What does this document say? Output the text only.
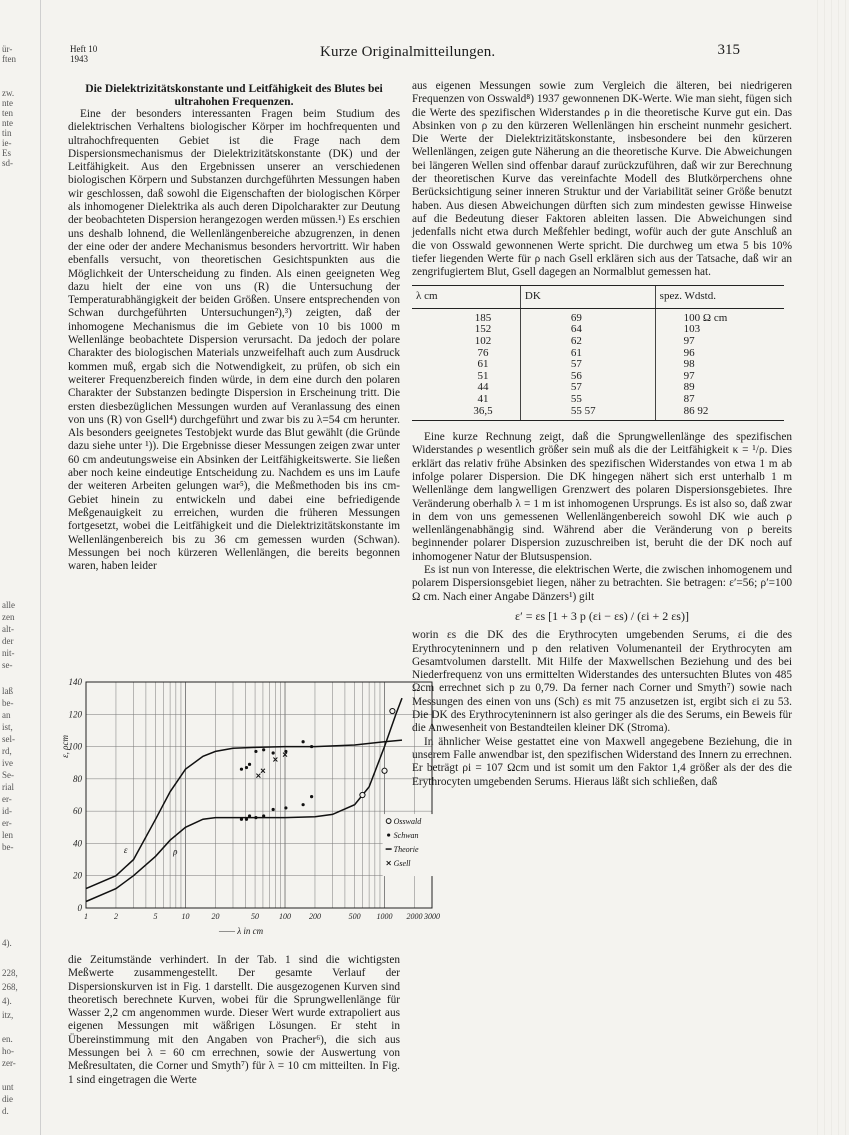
ür-
ften
zw.
nte
ten
nte
tin
ie-
Es
sd-
alle
zen
alt-
der
nit-
se-
laß
be-
an
ist,
sel-
rd,
ive
Se-
rial
er-
id-
er-
len
be-
4).
228,
268,
4).
itz,
en.
ho-
zer-
unt
die
d.
Heft 10
1943	Kurze Originalmitteilungen.	315

Die Dielektrizitätskonstante und Leitfähigkeit des Blutes bei ultrahohen Frequenzen.

Eine der besonders interessanten Fragen beim Studium des dielektrischen Verhaltens biologischer Körper im hochfrequenten und ultrahochfrequenten Gebiet ist die Frage nach dem Dispersionsmechanismus der Dielektrizitätskonstante (DK) und der Leitfähigkeit. Aus den Ergebnissen unserer an verschiedenen biologischen Körpern und Substanzen durchgeführten Messungen haben wir geschlossen, daß sowohl die Eigenschaften der biologischen Körper als inhomogener Dielektrika als auch deren Dipolcharakter zur Deutung der beobachteten Dispersion herangezogen werden müssen.¹) Es erschien uns deshalb lohnend, die Wellenlängenbereiche abzugrenzen, in denen der eine oder der andere Mechanismus besonders hervortritt. Wir haben ebenfalls versucht, von theoretischen Gesichtspunkten aus die Möglichkeit der Unterscheidung zu finden. Als einen geeigneten Weg dazu hielt der eine von uns (R) die Untersuchung der Temperaturabhängigkeit der beiden Größen. Unsere entsprechenden von Schwan durchgeführten Untersuchungen²),³) zeigten, daß der inhomogene Mechanismus die im Gebiete von 10 bis 1000 m Wellenlänge beobachtete Dispersion verursacht. Da jedoch der polare Charakter des biologischen Materials unzweifelhaft auch zum Ausdruck kommen muß, ergab sich die Notwendigkeit, zu prüfen, ob sich ein weiterer Frequenzbereich finden würde, in dem eine durch den polaren Charakter der Substanzen bedingte Dispersion in Erscheinung tritt. Die ersten diesbezüglichen Messungen wurden auf Veranlassung des einen von uns (R) von Gsell⁴) durchgeführt und zwar bis zu λ=54 cm herunter. Als besonders geeignetes Testobjekt wurde das Blut gewählt (die Gründe dazu siehe unter ¹)). Die Ergebnisse dieser Messungen zeigen zwar unter 60 cm andeutungsweise ein Absinken der Leitfähigkeitswerte. Sie ließen aber noch keine eindeutige Entscheidung zu. Nachdem es uns im Laufe der weiteren Arbeiten gelungen war⁵), die Meßmethoden bis ins cm-Gebiet hinein zu entwickeln und dabei eine befriedigende Meßgenauigkeit zu erreichen, wurden die früheren Messungen fortgesetzt, wobei die Leitfähigkeit und die Dielektrizitätskonstante im Wellenlängenbereich bis zu 36 cm gemessen wurden (Schwan). Messungen bei noch kürzeren Wellenlängen, die bereits begonnen waren, haben leider

0
20
40
60
80
100
120
140
1	2	5	10	20	50 100 200	500 1000 2000 3000
—— λ in cm
ε, ρcm
ε	ρ
Osswald
Schwan
Theorie
Gsell

die Zeitumstände verhindert. In der Tab. 1 sind die wichtigsten Meßwerte zusammengestellt. Der gesamte Verlauf der Dispersionskurven ist in Fig. 1 darstellt. Die ausgezogenen Kurven sind theoretisch berechnete Kurven, wobei für die Sprungwellenlänge für Wasser 2,2 cm angenommen wurde. Dieser Wert wurde extrapoliert aus eigenen Messungen mit wäßrigen Lösungen. Er steht in Übereinstimmung mit den Angaben von Pracher⁶), die sich aus Messungen bei λ = 60 cm errechnen, sowie der Auswertung von Meßresultaten, die Corner und Smyth⁷) für λ = 10 cm mitteilten. In Fig. 1 sind eingetragen die Werte

aus eigenen Messungen sowie zum Vergleich die älteren, bei niedrigeren Frequenzen von Osswald⁸) 1937 gewonnenen DK-Werte. Wie man sieht, fügen sich die Werte des spezifischen Widerstandes ρ in die theoretische Kurve gut ein. Das Absinken von ρ zu den kürzeren Wellenlängen hin erscheint nunmehr gesichert. Die Werte der Dielektrizitätskonstante, insbesondere bei den kürzeren Wellenlängen, zeigen gute Näherung an die theoretische Kurve. Die Abweichungen bei längeren Wellen sind offenbar darauf zurückzuführen, daß wir zur Berechnung der theoretischen Kurve das vereinfachte Modell des Blutkörperchens ohne Berücksichtigung seiner inneren Struktur und der Variabilität seiner Größe benutzt haben. Aus diesen Abweichungen dürften sich zum mindesten gewisse Hinweise auf die Bedeutung dieser Faktoren ableiten lassen. Die Abweichungen sind jedenfalls nicht etwa durch Meßfehler bedingt, wofür auch der gute Anschluß an die von Osswald gewonnenen Werte spricht. Die durchweg um etwa 5 bis 10% tiefer liegenden Werte für ρ nach Gsell erklären sich aus der Tatsache, daß wir an zengrifugiertem Blut, Gsell dagegen an Normalblut gemessen hat.

λ cm	DK	spez. Wdstd.
185	69	100 Ω cm
152	64	103
102	62	97
76	61	96
61	57	98
51	56	97
44	57	89
41	55	87
36,5	55 57	86 92

Eine kurze Rechnung zeigt, daß die Sprungwellenlänge des spezifischen Widerstandes ρ wesentlich größer sein muß als die der Leitfähigkeit κ = ¹/ρ. Dies erklärt das relativ frühe Absinken des spezifischen Widerstandes von etwa 1 m ab infolge polarer Dispersion. Die DK hingegen nähert sich erst unterhalb 1 m Wellenlänge dem langwelligen Grenzwert des polaren Dispersionsgebietes. Ihre Veränderung oberhalb λ = 1 m ist inhomogenen Ursprungs. Es ist also so, daß zwar in dem von uns gemessenen Wellenlängenbereich sowohl DK wie auch ρ wellenlängenabhängig sind. Während aber die Veränderung von ρ bereits beginnender polarer Dispersion zuzuschreiben ist, beruht die der DK noch auf inhomogener Natur der Blutsuspension.

Es ist nun von Interesse, die elektrischen Werte, die zwischen inhomogenem und polarem Dispersionsgebiet liegen, näher zu betrachten. Sie betragen: ε′=56; ρ′=100 Ω cm. Nach einer Angabe Dänzers¹) gilt

ε′ = εs [1 + 3 p (εi − εs) / (εi + 2 εs)]

worin εs die DK des die Erythrocyten umgebenden Serums, εi die des Erythrocyteninnern und p den relativen Volumenanteil der Erythrocyten am Gesamtvolumen darstellt. Mit Hilfe der Maxwellschen Beziehung und des bei Niederfrequenz von uns ermittelten Widerstandes des untersuchten Blutes von 485 Ωcm errechnet sich p zu 0,79. Da ferner nach Corner und Smyth⁷) sowie nach Messungen des einen von uns (Sch) εs mit 75 anzusetzen ist, ergibt sich εi zu 53. Die DK des Erythrocyteninnern ist also geringer als die des Serums, ein Beweis für die Anwesenheit von Bestandteilen kleiner DK (Stroma).

In ähnlicher Weise gestattet eine von Maxwell angegebene Beziehung, die in unserem Falle anwendbar ist, den spezifischen Widerstand des Innern zu errechnen. Er beträgt ρi = 107 Ωcm und ist somit um den Faktor 1,4 größer als der des die Erythrocyten umgebenden Serums. Hieraus läßt sich schließen, daß
